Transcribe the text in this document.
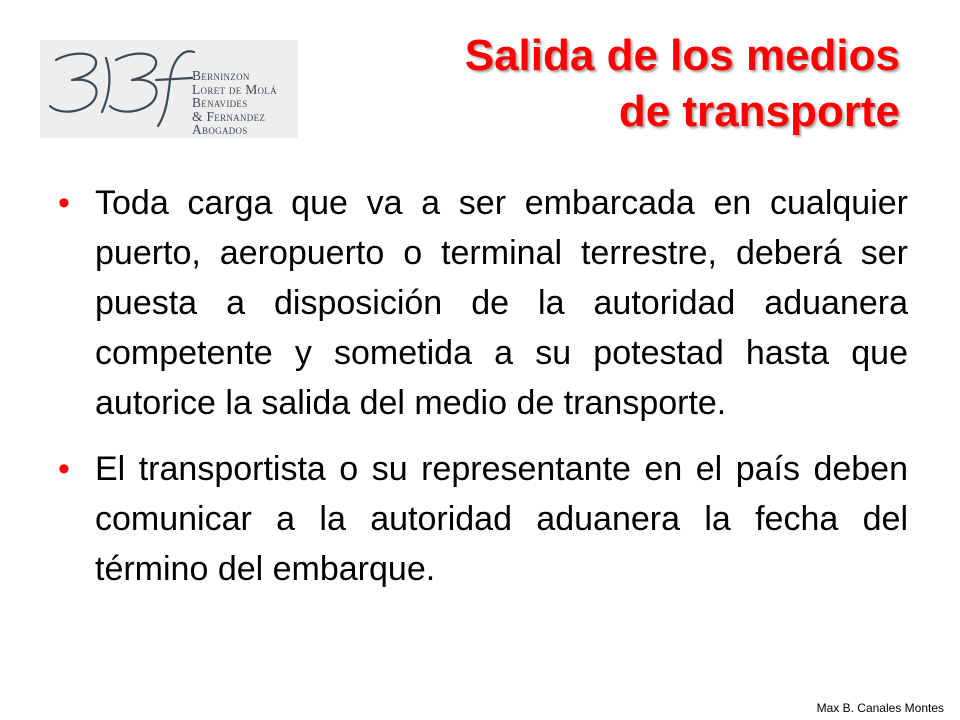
Berninzon
Loret de Molá
Benavides
& Fernandez
Abogados
Salida de los medios
de transporte
• Toda carga que va a ser embarcada en cualquier puerto, aeropuerto o terminal terrestre, deberá ser puesta a disposición de la autoridad aduanera competente y sometida a su potestad hasta que autorice la salida del medio de transporte.
• El transportista o su representante en el país deben comunicar a la autoridad aduanera la fecha del término del embarque.
Max B. Canales Montes
